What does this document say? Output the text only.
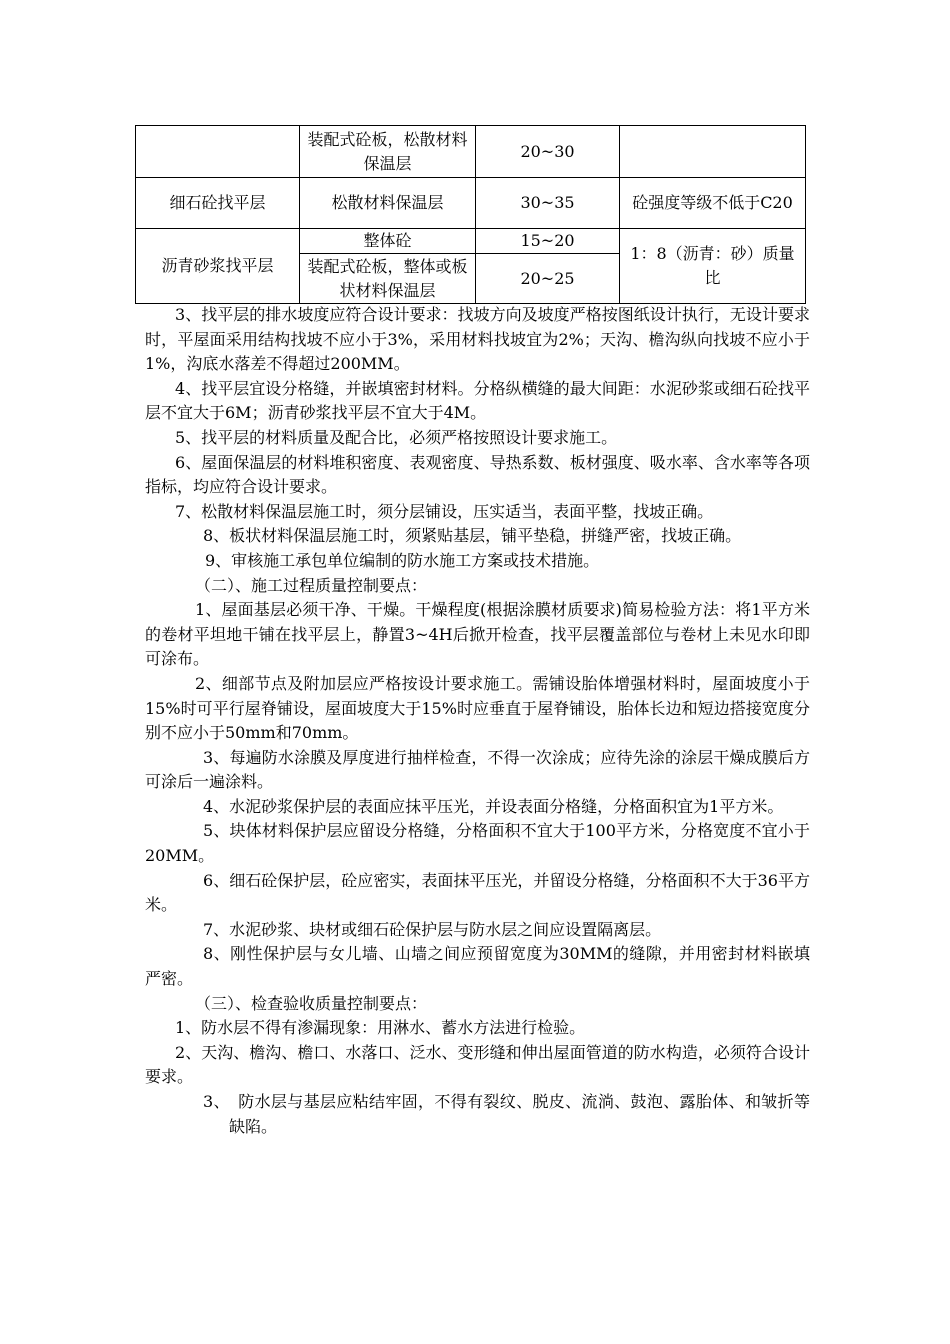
	装配式砼板，松散材料保温层	20~30	
细石砼找平层	松散材料保温层	30~35	砼强度等级不低于C20
沥青砂浆找平层	整体砼	15~20	1：8（沥青：砂）质量比
	装配式砼板，整体或板状材料保温层	20~25	

3、找平层的排水坡度应符合设计要求：找坡方向及坡度严格按图纸设计执行，无设计要求时，平屋面采用结构找坡不应小于3%，采用材料找坡宜为2%；天沟、檐沟纵向找坡不应小于1%，沟底水落差不得超过200MM。

4、找平层宜设分格缝，并嵌填密封材料。分格纵横缝的最大间距：水泥砂浆或细石砼找平层不宜大于6M；沥青砂浆找平层不宜大于4M。

5、找平层的材料质量及配合比，必须严格按照设计要求施工。

6、屋面保温层的材料堆积密度、表观密度、导热系数、板材强度、吸水率、含水率等各项指标，均应符合设计要求。

7、松散材料保温层施工时，须分层铺设，压实适当，表面平整，找坡正确。

8、板状材料保温层施工时，须紧贴基层，铺平垫稳，拼缝严密，找坡正确。

9、审核施工承包单位编制的防水施工方案或技术措施。

（二）、施工过程质量控制要点：

1、屋面基层必须干净、干燥。干燥程度(根据涂膜材质要求)简易检验方法：将1平方米的卷材平坦地干铺在找平层上，静置3~4H后掀开检查，找平层覆盖部位与卷材上未见水印即可涂布。

2、细部节点及附加层应严格按设计要求施工。需铺设胎体增强材料时，屋面坡度小于15%时可平行屋脊铺设，屋面坡度大于15%时应垂直于屋脊铺设，胎体长边和短边搭接宽度分别不应小于50mm和70mm。

3、每遍防水涂膜及厚度进行抽样检查，不得一次涂成；应待先涂的涂层干燥成膜后方可涂后一遍涂料。

4、水泥砂浆保护层的表面应抹平压光，并设表面分格缝，分格面积宜为1平方米。

5、块体材料保护层应留设分格缝，分格面积不宜大于100平方米，分格宽度不宜小于20MM。

6、细石砼保护层，砼应密实，表面抹平压光，并留设分格缝，分格面积不大于36平方米。

7、水泥砂浆、块材或细石砼保护层与防水层之间应设置隔离层。

8、刚性保护层与女儿墙、山墙之间应预留宽度为30MM的缝隙，并用密封材料嵌填严密。

（三）、检查验收质量控制要点：

1、防水层不得有渗漏现象：用淋水、蓄水方法进行检验。

2、天沟、檐沟、檐口、水落口、泛水、变形缝和伸出屋面管道的防水构造，必须符合设计要求。

3、　防水层与基层应粘结牢固，不得有裂纹、脱皮、流淌、鼓泡、露胎体、和皱折等缺陷。
